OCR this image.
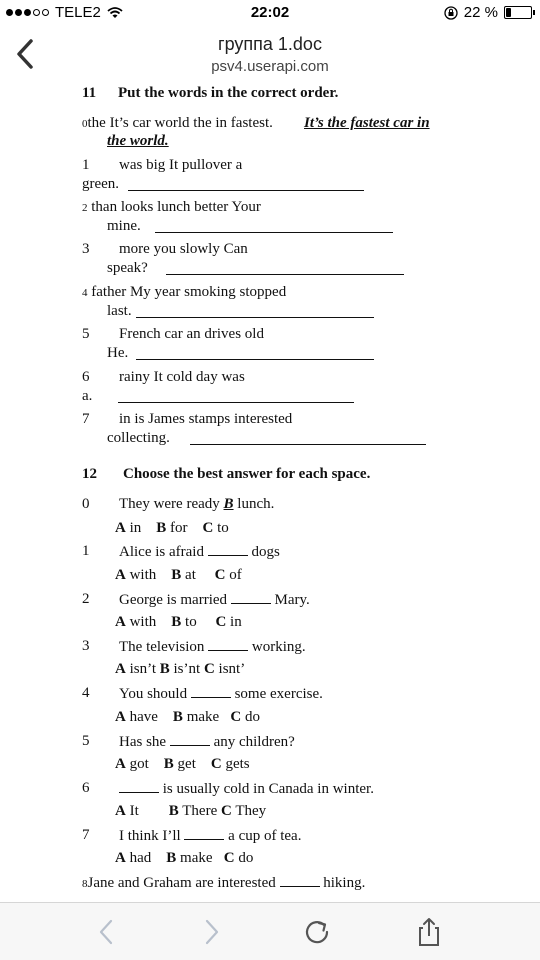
TELE2	22:02	22 %
группа 1.doc
psv4.userapi.com
11 Put the words in the correct order.
0the It’s car world the in fastest. It’s the fastest car in
the world.
1 was big It pullover a
green.
2 than looks lunch better Your
mine.
3 more you slowly Can
speak?
4 father My year smoking stopped
last.
5 French car an drives old
He.
6 rainy It cold day was
a.
7 in is James stamps interested
collecting.
12 Choose the best answer for each space.
0 They were ready B lunch.
A in B for C to
1 Alice is afraid	dogs
A with B at C of
2 George is married	Mary.
A with B to C in
3 The television	working.
A isn’t B is’nt C isnt’
4 You should	some exercise.
A have B make C do
5 Has she	any children?
A got B get C gets
6	is usually cold in Canada in winter.
A It B There C They
7 I think I’ll	a cup of tea.
A had B make C do
8Jane and Graham are interested	hiking.
